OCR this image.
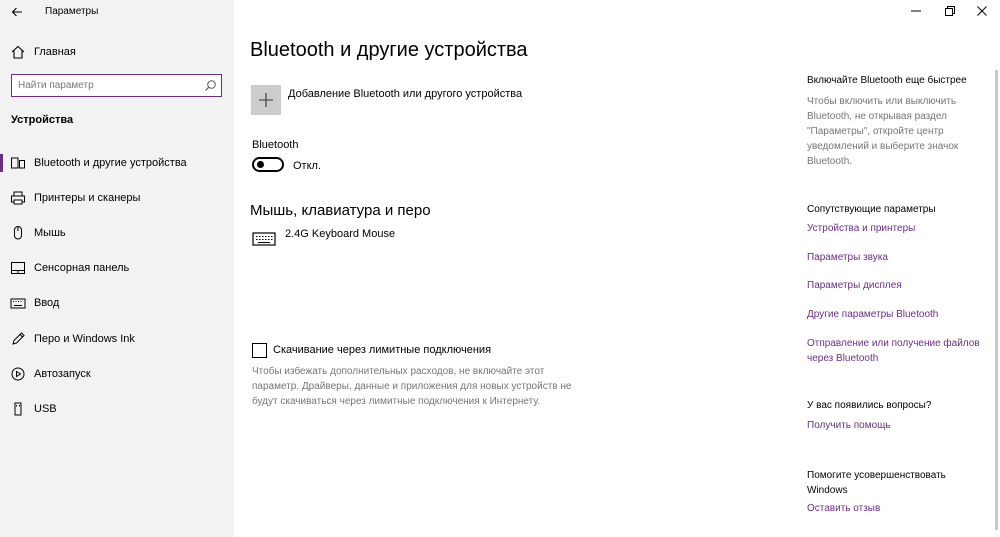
Параметры
Главная
Найти параметр
Устройства
Bluetooth и другие устройства
Принтеры и сканеры
Мышь
Сенсорная панель
Ввод
Перо и Windows Ink
Автозапуск
USB
Bluetooth и другие устройства
Добавление Bluetooth или другого устройства
Bluetooth
Откл.
Мышь, клавиатура и перо
2.4G Keyboard Mouse
Скачивание через лимитные подключения
Чтобы избежать дополнительных расходов, не включайте этот параметр. Драйверы, данные и приложения для новых устройств не будут скачиваться через лимитные подключения к Интернету.
Включайте Bluetooth еще быстрее
Чтобы включить или выключить Bluetooth, не открывая раздел "Параметры", откройте центр уведомлений и выберите значок Bluetooth.
Сопутствующие параметры
Устройства и принтеры
Параметры звука
Параметры дисплея
Другие параметры Bluetooth
Отправление или получение файлов через Bluetooth
У вас появились вопросы?
Получить помощь
Помогите усовершенствовать Windows
Оставить отзыв
